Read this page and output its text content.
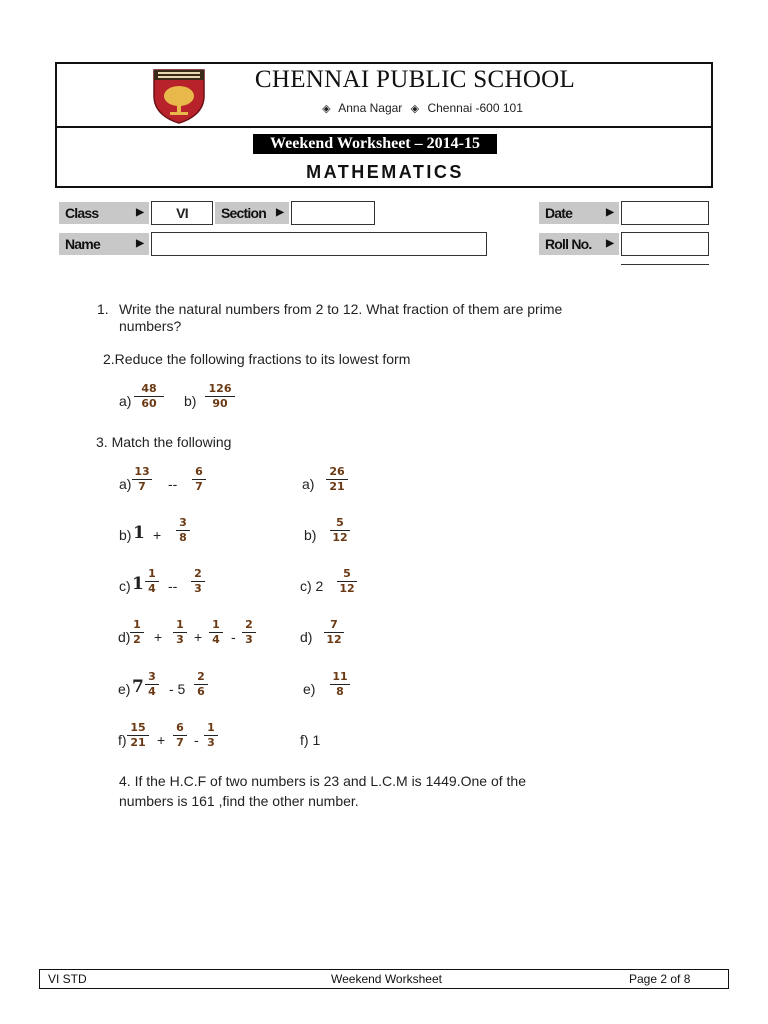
CHENNAI PUBLIC SCHOOL
◈ Anna Nagar ◈ Chennai -600 101
Weekend Worksheet – 2014-15
MATHEMATICS
Class	▶	VI	Section ▶	Date	▶
Name	▶	Roll No. ▶
1. Write the natural numbers from 2 to 12. What fraction of them are prime
numbers?
2.Reduce the following fractions to its lowest form
a)
48
60	b)
126
90
3. Match the following
a)
13
7	--
6
7	a)
26
21
b) 1 +
3
8	b)
5
12
c) 1
1
4 --
2
3	c) 2
5
12
d)
1
2 +
1
3 +
1
4 -
2
3	d)
7
12
e) 7
3
4 - 5
2
6	e)
11
8
f)
15
21 +
6
7 -
1
3	f) 1
4. If the H.C.F of two numbers is 23 and L.C.M is 1449.One of the
numbers is 161 ,find the other number.
VI STD	Weekend Worksheet	Page 2 of 8
